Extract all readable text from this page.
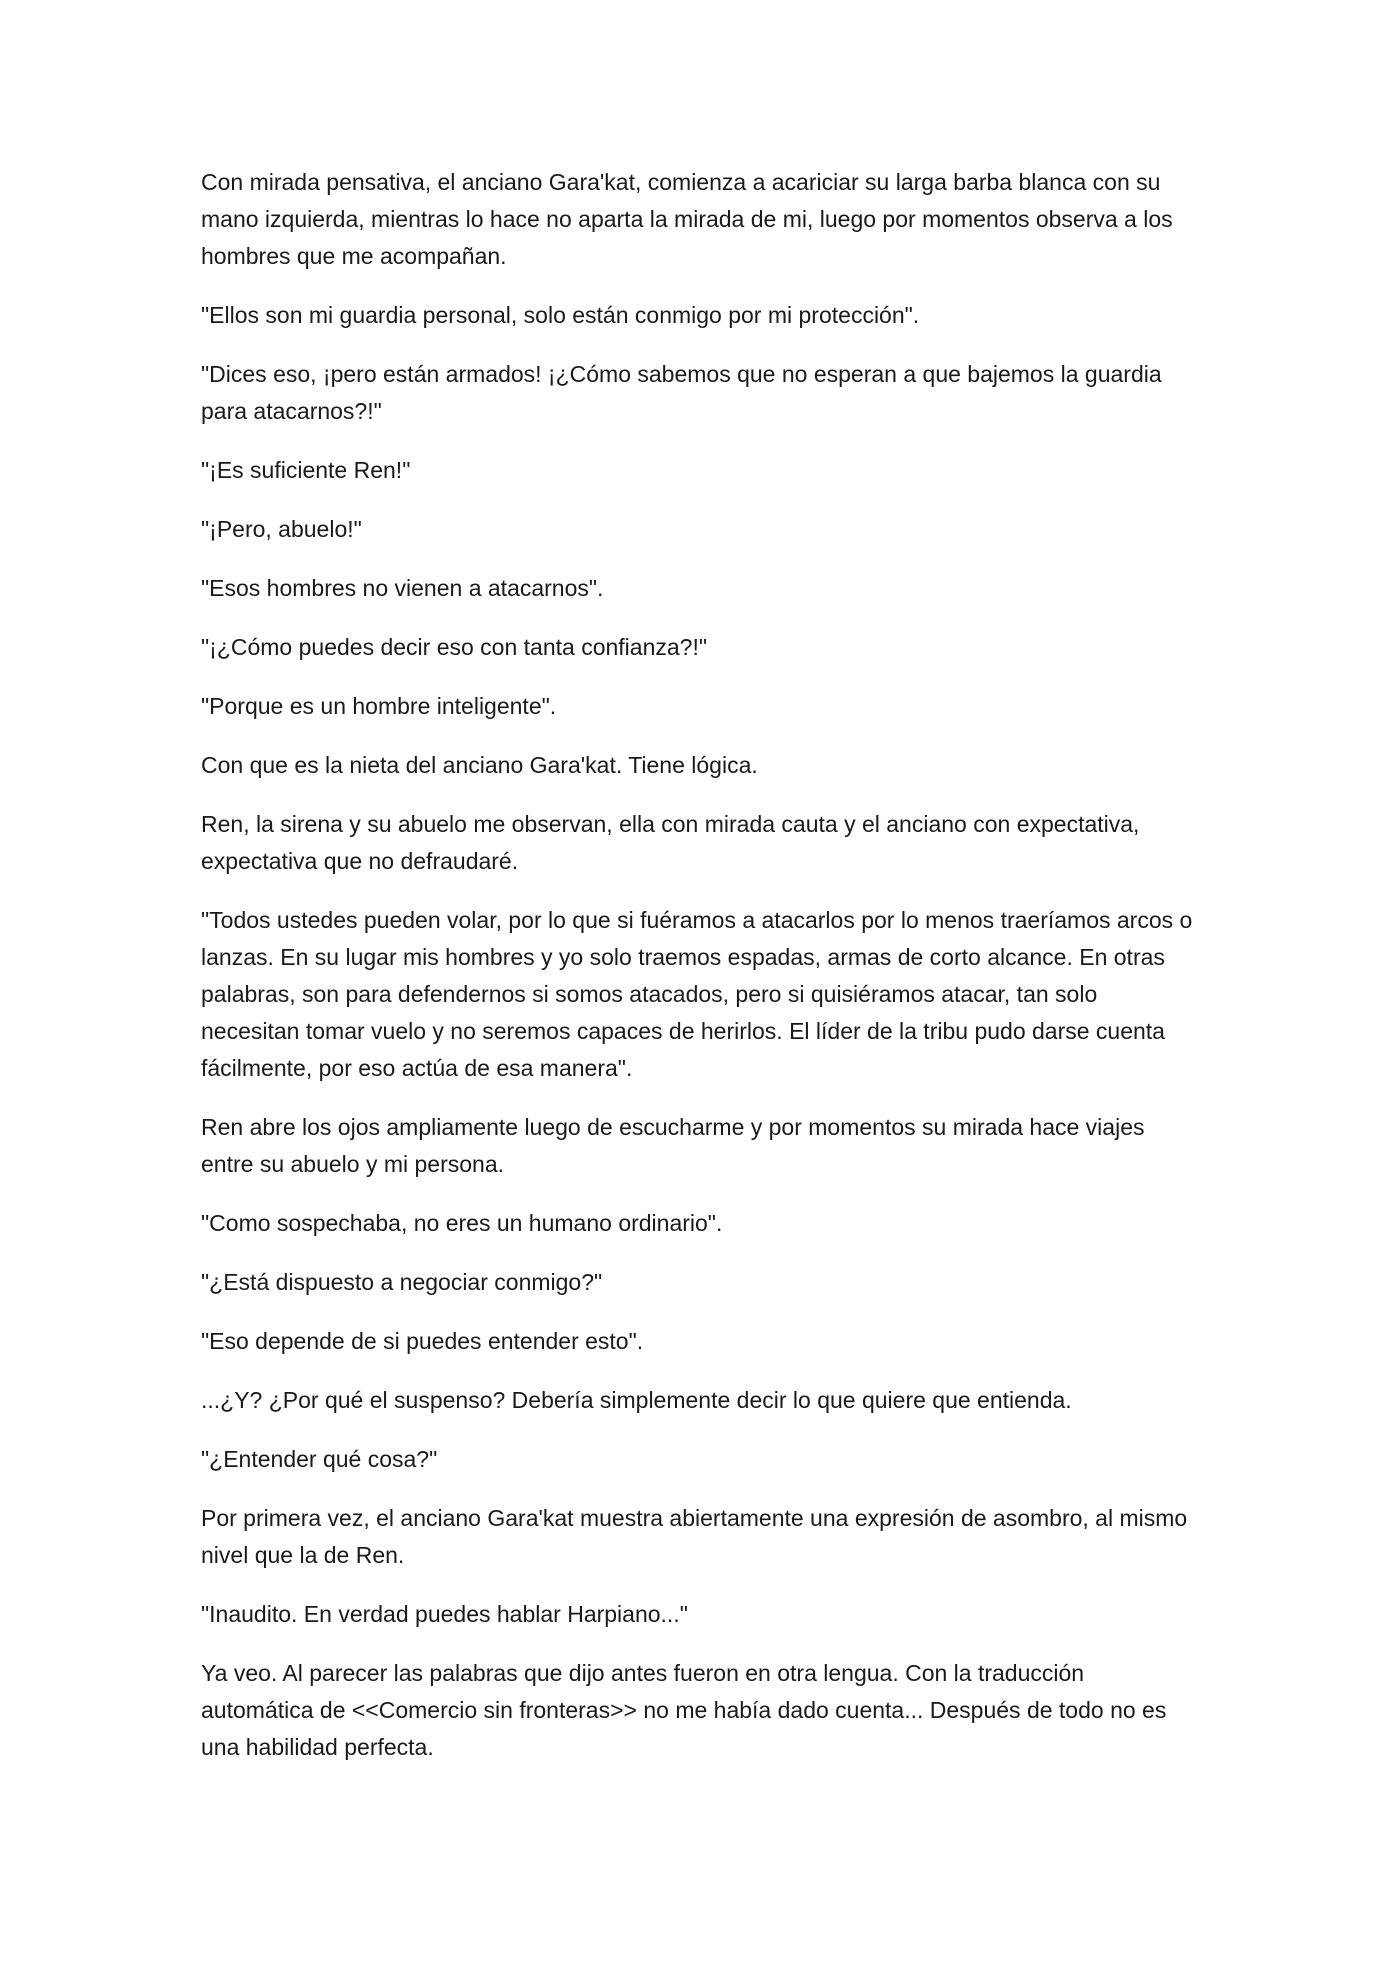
Con mirada pensativa, el anciano Gara'kat, comienza a acariciar su larga barba blanca con su mano izquierda, mientras lo hace no aparta la mirada de mi, luego por momentos observa a los hombres que me acompañan.

"Ellos son mi guardia personal, solo están conmigo por mi protección".

"Dices eso, ¡pero están armados! ¡¿Cómo sabemos que no esperan a que bajemos la guardia para atacarnos?!"

"¡Es suficiente Ren!"

"¡Pero, abuelo!"

"Esos hombres no vienen a atacarnos".

"¡¿Cómo puedes decir eso con tanta confianza?!"

"Porque es un hombre inteligente".

Con que es la nieta del anciano Gara'kat. Tiene lógica.

Ren, la sirena y su abuelo me observan, ella con mirada cauta y el anciano con expectativa, expectativa que no defraudaré.

"Todos ustedes pueden volar, por lo que si fuéramos a atacarlos por lo menos traeríamos arcos o lanzas. En su lugar mis hombres y yo solo traemos espadas, armas de corto alcance. En otras palabras, son para defendernos si somos atacados, pero si quisiéramos atacar, tan solo necesitan tomar vuelo y no seremos capaces de herirlos. El líder de la tribu pudo darse cuenta fácilmente, por eso actúa de esa manera".

Ren abre los ojos ampliamente luego de escucharme y por momentos su mirada hace viajes entre su abuelo y mi persona.

"Como sospechaba, no eres un humano ordinario".

"¿Está dispuesto a negociar conmigo?"

"Eso depende de si puedes entender esto".

...¿Y? ¿Por qué el suspenso? Debería simplemente decir lo que quiere que entienda.

"¿Entender qué cosa?"

Por primera vez, el anciano Gara'kat muestra abiertamente una expresión de asombro, al mismo nivel que la de Ren.

"Inaudito. En verdad puedes hablar Harpiano..."

Ya veo. Al parecer las palabras que dijo antes fueron en otra lengua. Con la traducción automática de <<Comercio sin fronteras>> no me había dado cuenta... Después de todo no es una habilidad perfecta.
